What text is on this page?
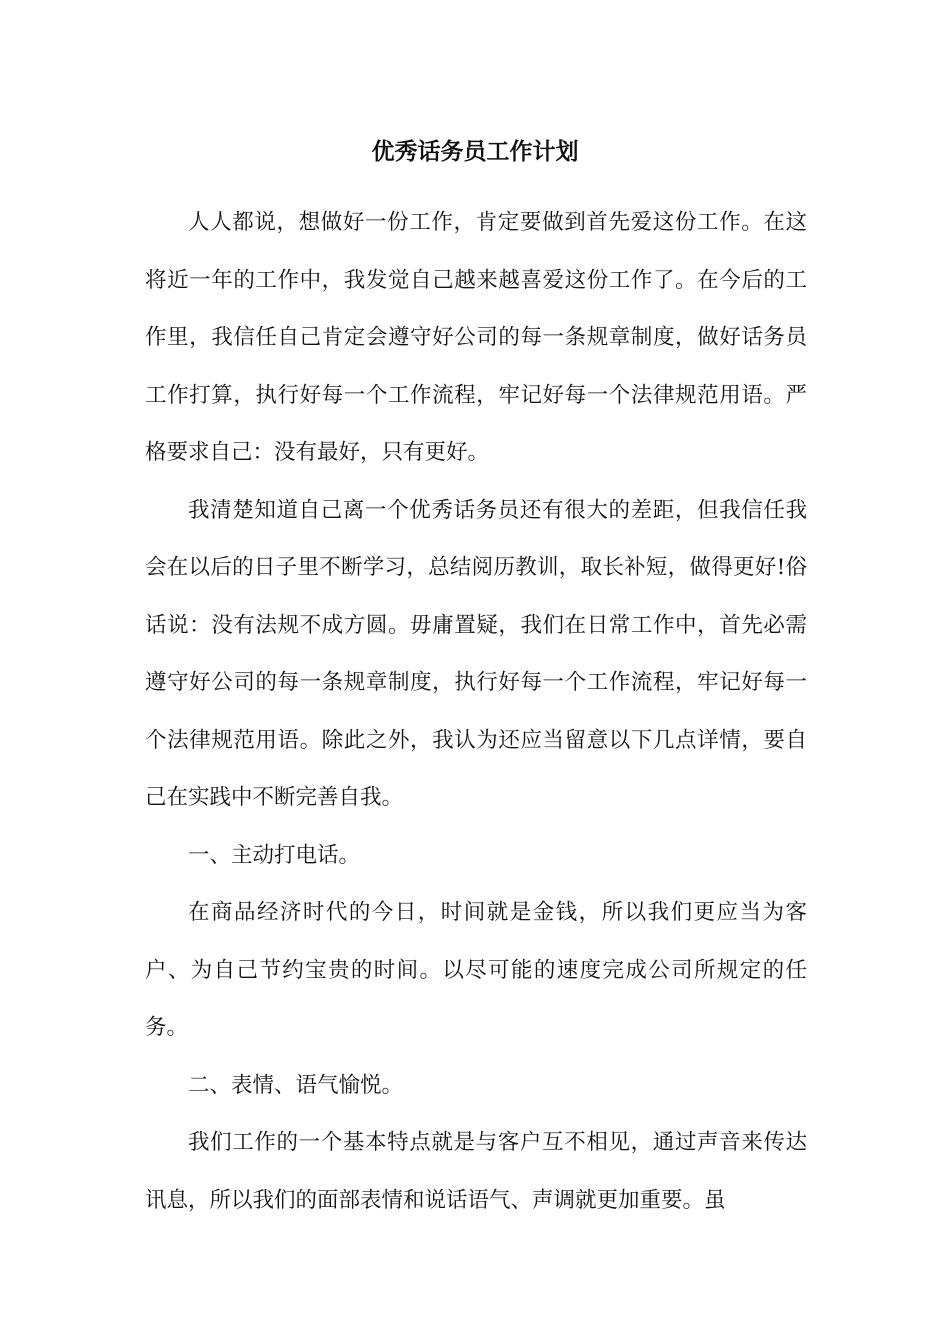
优秀话务员工作计划

人人都说，想做好一份工作，肯定要做到首先爱这份工作。在这将近一年的工作中，我发觉自己越来越喜爱这份工作了。在今后的工作里，我信任自己肯定会遵守好公司的每一条规章制度，做好话务员工作打算，执行好每一个工作流程，牢记好每一个法律规范用语。严格要求自己：没有最好，只有更好。

我清楚知道自己离一个优秀话务员还有很大的差距，但我信任我会在以后的日子里不断学习，总结阅历教训，取长补短，做得更好!俗话说：没有法规不成方圆。毋庸置疑，我们在日常工作中，首先必需遵守好公司的每一条规章制度，执行好每一个工作流程，牢记好每一个法律规范用语。除此之外，我认为还应当留意以下几点详情，要自己在实践中不断完善自我。

一、主动打电话。

在商品经济时代的今日，时间就是金钱，所以我们更应当为客户、为自己节约宝贵的时间。以尽可能的速度完成公司所规定的任务。

二、表情、语气愉悦。

我们工作的一个基本特点就是与客户互不相见，通过声音来传达讯息，所以我们的面部表情和说话语气、声调就更加重要。虽
